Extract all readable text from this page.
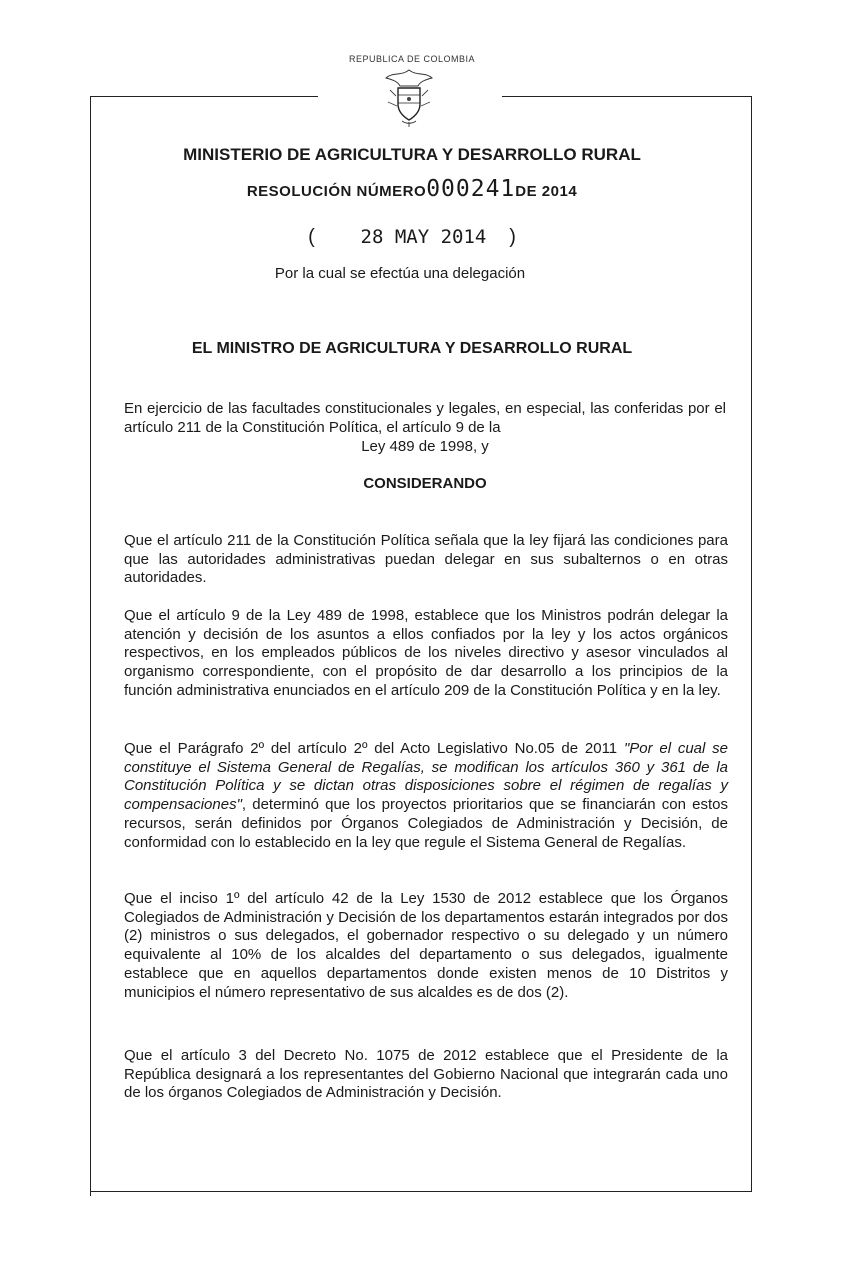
REPUBLICA DE COLOMBIA
MINISTERIO DE AGRICULTURA Y DESARROLLO RURAL
RESOLUCIÓN NÚMERO000241DE 2014
( 28 MAY 2014 )
Por la cual se efectúa una delegación
EL MINISTRO DE AGRICULTURA Y DESARROLLO RURAL
En ejercicio de las facultades constitucionales y legales, en especial, las conferidas por el artículo 211 de la Constitución Política, el artículo 9 de la
Ley 489 de 1998, y
CONSIDERANDO

Que el artículo 211 de la Constitución Política señala que la ley fijará las condiciones para que las autoridades administrativas puedan delegar en sus subalternos o en otras autoridades.

Que el artículo 9 de la Ley 489 de 1998, establece que los Ministros podrán delegar la atención y decisión de los asuntos a ellos confiados por la ley y los actos orgánicos respectivos, en los empleados públicos de los niveles directivo y asesor vinculados al organismo correspondiente, con el propósito de dar desarrollo a los principios de la función administrativa enunciados en el artículo 209 de la Constitución Política y en la ley.

Que el Parágrafo 2º del artículo 2º del Acto Legislativo No.05 de 2011 "Por el cual se constituye el Sistema General de Regalías, se modifican los artículos 360 y 361 de la Constitución Política y se dictan otras disposiciones sobre el régimen de regalías y compensaciones", determinó que los proyectos prioritarios que se financiarán con estos recursos, serán definidos por Órganos Colegiados de Administración y Decisión, de conformidad con lo establecido en la ley que regule el Sistema General de Regalías.

Que el inciso 1º del artículo 42 de la Ley 1530 de 2012 establece que los Órganos Colegiados de Administración y Decisión de los departamentos estarán integrados por dos (2) ministros o sus delegados, el gobernador respectivo o su delegado y un número equivalente al 10% de los alcaldes del departamento o sus delegados, igualmente establece que en aquellos departamentos donde existen menos de 10 Distritos y municipios el número representativo de sus alcaldes es de dos (2).

Que el artículo 3 del Decreto No. 1075 de 2012 establece que el Presidente de la República designará a los representantes del Gobierno Nacional que integrarán cada uno de los órganos Colegiados de Administración y Decisión.
